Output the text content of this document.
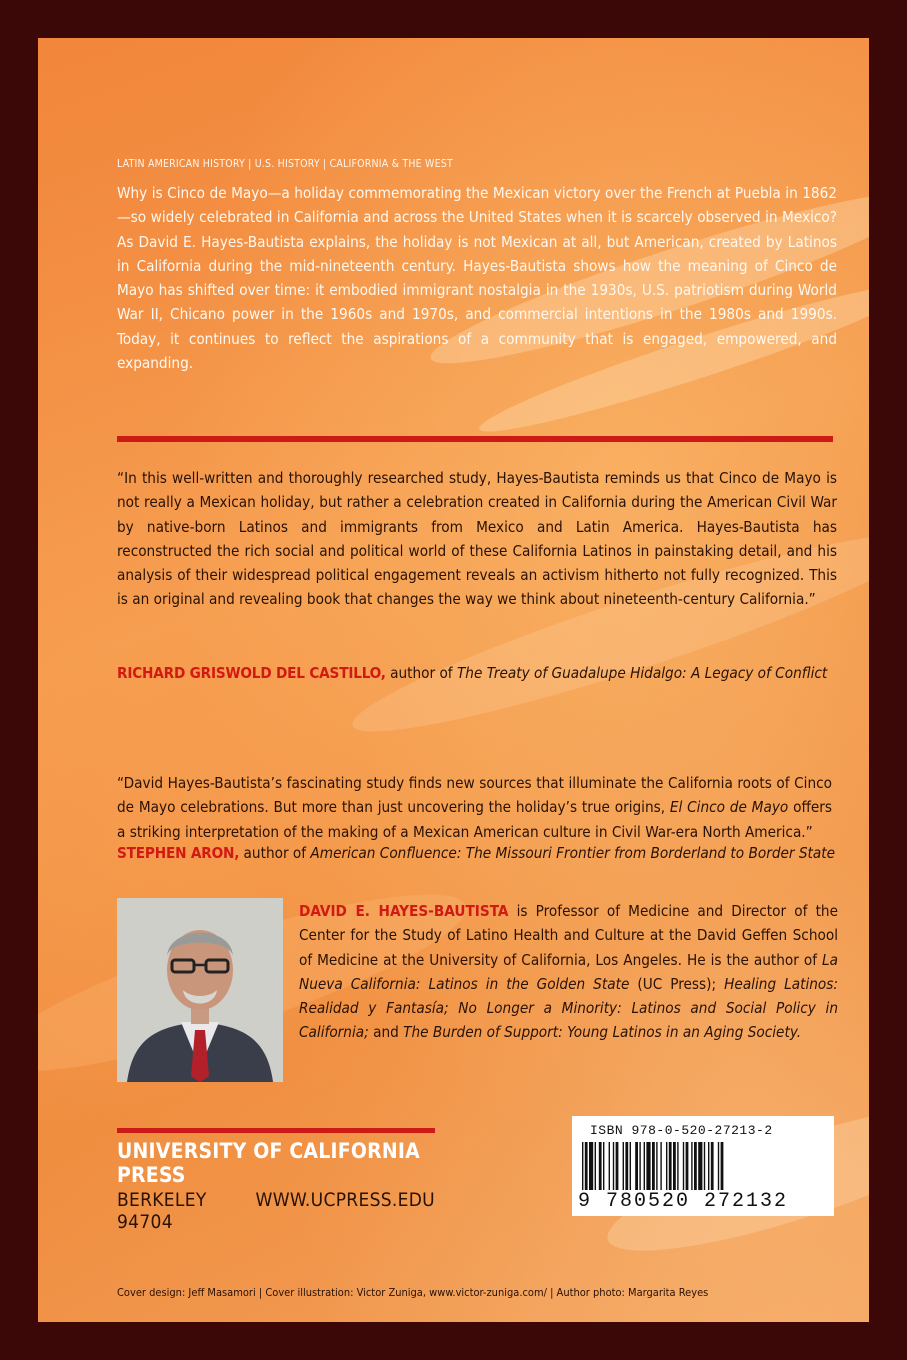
LATIN AMERICAN HISTORY | U.S. HISTORY | CALIFORNIA & THE WEST
Why is Cinco de Mayo—a holiday commemorating the Mexican victory over the French at Puebla in 1862—so widely celebrated in California and across the United States when it is scarcely observed in Mexico? As David E. Hayes-Bautista explains, the holiday is not Mexican at all, but American, created by Latinos in California during the mid-nineteenth century. Hayes-Bautista shows how the meaning of Cinco de Mayo has shifted over time: it embodied immigrant nostalgia in the 1930s, U.S. patriotism during World War II, Chicano power in the 1960s and 1970s, and commercial intentions in the 1980s and 1990s. Today, it continues to reflect the aspirations of a community that is engaged, empowered, and expanding.
“In this well-written and thoroughly researched study, Hayes-Bautista reminds us that Cinco de Mayo is not really a Mexican holiday, but rather a celebration created in California during the American Civil War by native-born Latinos and immigrants from Mexico and Latin America. Hayes-Bautista has reconstructed the rich social and political world of these California Latinos in painstaking detail, and his analysis of their widespread political engagement reveals an activism hitherto not fully recognized. This is an original and revealing book that changes the way we think about nineteenth-century California.”
RICHARD GRISWOLD DEL CASTILLO, author of The Treaty of Guadalupe Hidalgo: A Legacy of Conflict
“David Hayes-Bautista’s fascinating study finds new sources that illuminate the California roots of Cinco de Mayo celebrations. But more than just uncovering the holiday’s true origins, El Cinco de Mayo offers a striking interpretation of the making of a Mexican American culture in Civil War-era North America.”
STEPHEN ARON, author of American Confluence: The Missouri Frontier from Borderland to Border State
DAVID E. HAYES-BAUTISTA is Professor of Medicine and Director of the Center for the Study of Latino Health and Culture at the David Geffen School of Medicine at the University of California, Los Angeles. He is the author of La Nueva California: Latinos in the Golden State (UC Press); Healing Latinos: Realidad y Fantasía; No Longer a Minority: Latinos and Social Policy in California; and The Burden of Support: Young Latinos in an Aging Society.
UNIVERSITY OF CALIFORNIA PRESS
BERKELEY 94704
WWW.UCPRESS.EDU
ISBN 978-0-520-27213-2
9 780520 272132
Cover design: Jeff Masamori | Cover illustration: Victor Zuniga, www.victor-zuniga.com/ | Author photo: Margarita Reyes
